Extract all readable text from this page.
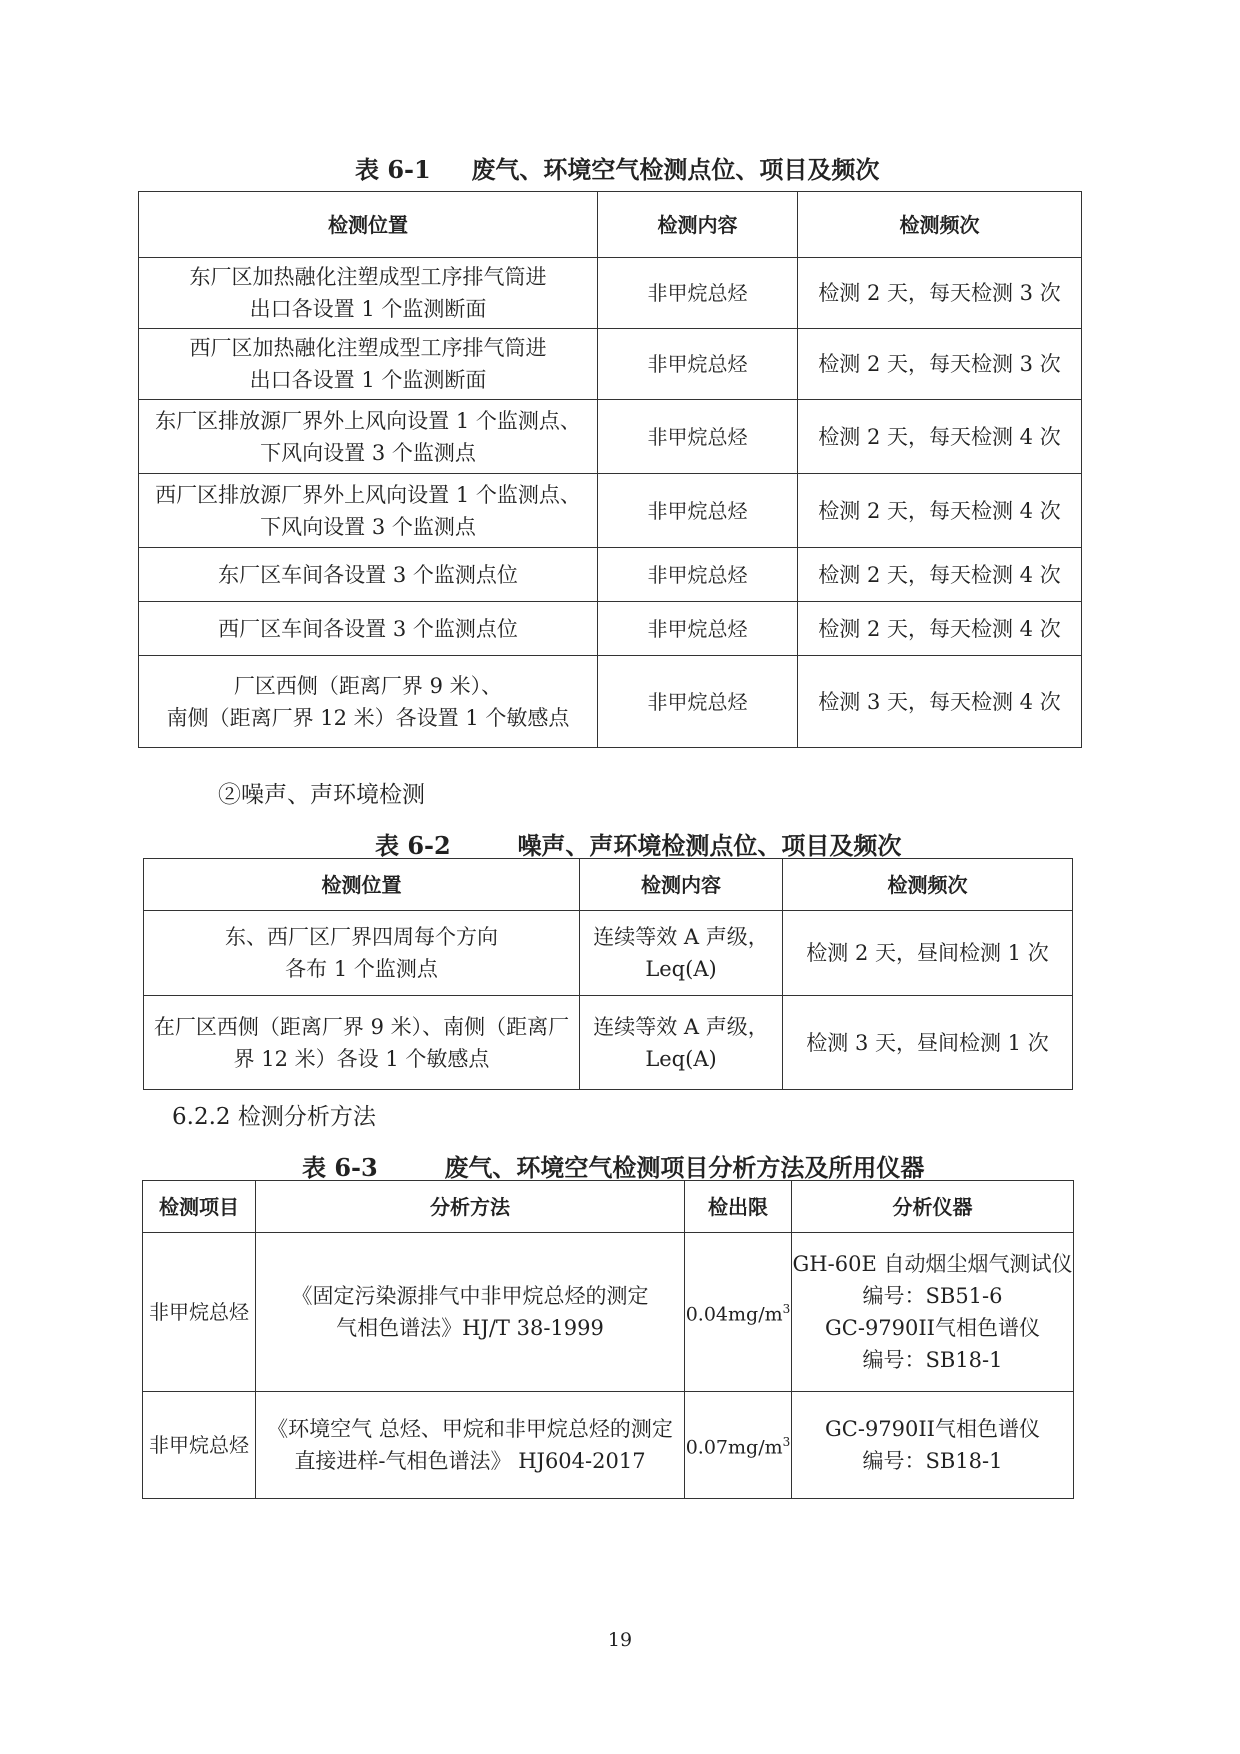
表 6-1 废气、环境空气检测点位、项目及频次
检测位置	检测内容	检测频次

东厂区加热融化注塑成型工序排气筒进
出口各设置 1 个监测断面	非甲烷总烃	检测 2 天，每天检测 3 次

西厂区加热融化注塑成型工序排气筒进
出口各设置 1 个监测断面	非甲烷总烃	检测 2 天，每天检测 3 次

东厂区排放源厂界外上风向设置 1 个监测点、
下风向设置 3 个监测点	非甲烷总烃	检测 2 天，每天检测 4 次

西厂区排放源厂界外上风向设置 1 个监测点、
下风向设置 3 个监测点	非甲烷总烃	检测 2 天，每天检测 4 次

东厂区车间各设置 3 个监测点位	非甲烷总烃	检测 2 天，每天检测 4 次

西厂区车间各设置 3 个监测点位	非甲烷总烃	检测 2 天，每天检测 4 次

厂区西侧（距离厂界 9 米）、
南侧（距离厂界 12 米）各设置 1 个敏感点	非甲烷总烃	检测 3 天，每天检测 4 次
②噪声、声环境检测
表 6-2	噪声、声环境检测点位、项目及频次
检测位置	检测内容	检测频次

东、西厂区厂界四周每个方向
各布 1 个监测点	连续等效 A 声级，
Leq(A)	检测 2 天，昼间检测 1 次

在厂区西侧（距离厂界 9 米）、南侧（距离厂
界 12 米）各设 1 个敏感点	连续等效 A 声级，
Leq(A)	检测 3 天，昼间检测 1 次
6.2.2 检测分析方法
表 6-3	废气、环境空气检测项目分析方法及所用仪器
检测项目	分析方法	检出限	分析仪器
非甲烷总烃	《固定污染源排气中非甲烷总烃的测定
气相色谱法》HJ/T 38-1999	$0.04mg/m^3$	GH-60E 自动烟尘烟气测试仪
编号：SB51-6
GC-9790II气相色谱仪
编号：SB18-1

非甲烷总烃	《环境空气 总烃、甲烷和非甲烷总烃的测定
直接进样-气相色谱法》 HJ604-2017	$0.07mg/m^3$	GC-9790II气相色谱仪
编号：SB18-1
19
